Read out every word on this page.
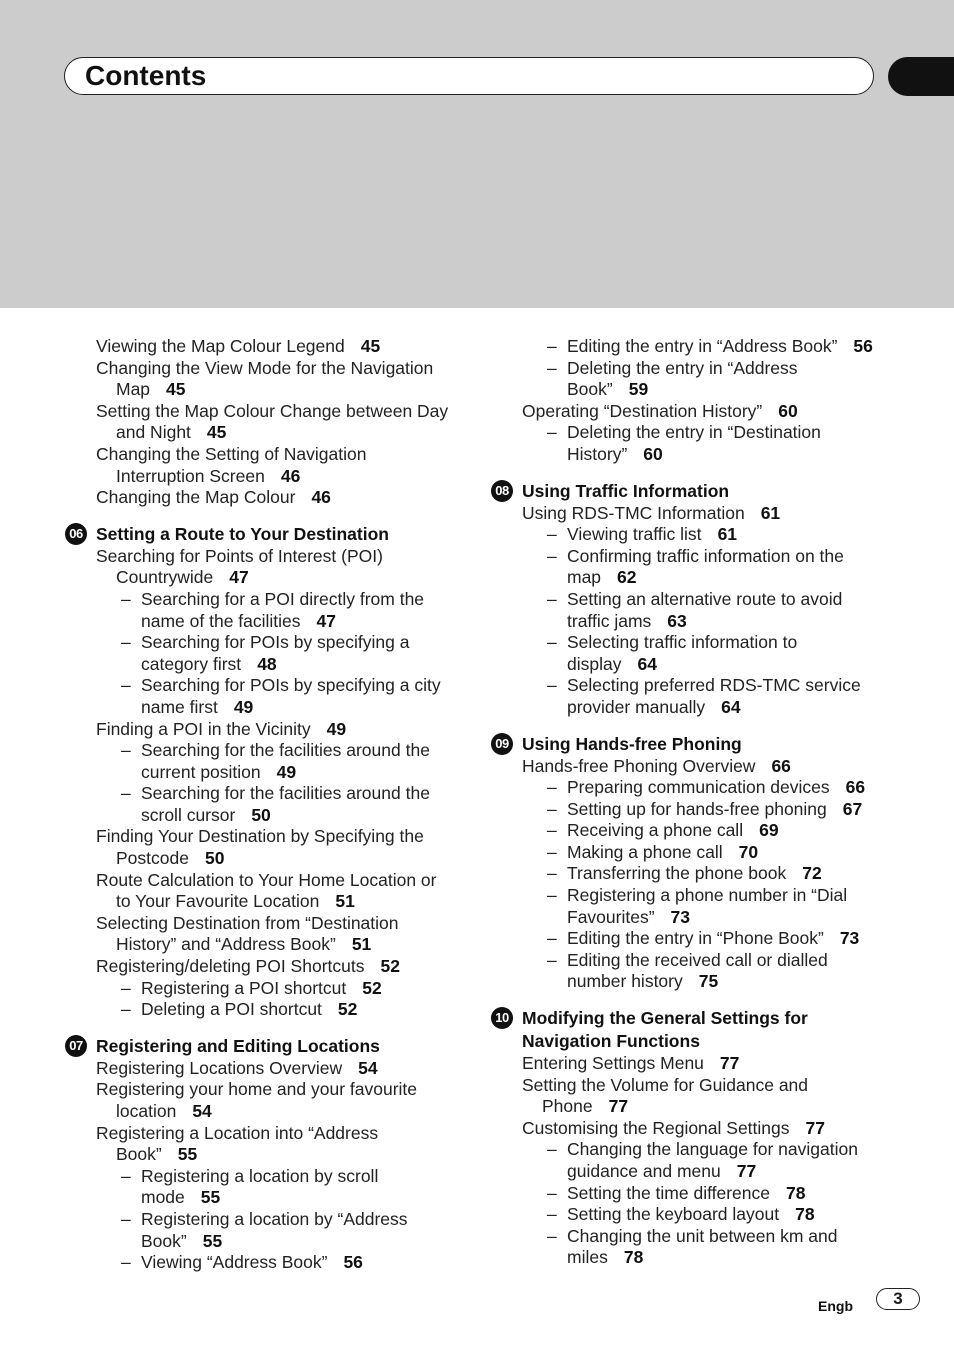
Contents
Viewing the Map Colour Legend 45
Changing the View Mode for the Navigation
Map 45
Setting the Map Colour Change between Day
and Night 45
Changing the Setting of Navigation
Interruption Screen 46
Changing the Map Colour 46
06 Setting a Route to Your Destination
Searching for Points of Interest (POI)
Countrywide 47
– Searching for a POI directly from the
name of the facilities 47
– Searching for POIs by specifying a
category first 48
– Searching for POIs by specifying a city
name first 49
Finding a POI in the Vicinity 49
– Searching for the facilities around the
current position 49
– Searching for the facilities around the
scroll cursor 50
Finding Your Destination by Specifying the
Postcode 50
Route Calculation to Your Home Location or
to Your Favourite Location 51
Selecting Destination from “Destination
History” and “Address Book” 51
Registering/deleting POI Shortcuts 52
– Registering a POI shortcut 52
– Deleting a POI shortcut 52
07 Registering and Editing Locations
Registering Locations Overview 54
Registering your home and your favourite
location 54
Registering a Location into “Address
Book” 55
– Registering a location by scroll
mode 55
– Registering a location by “Address
Book” 55
– Viewing “Address Book” 56
– Editing the entry in “Address Book” 56
– Deleting the entry in “Address
Book” 59
Operating “Destination History” 60
– Deleting the entry in “Destination
History” 60
08 Using Traffic Information
Using RDS-TMC Information 61
– Viewing traffic list 61
– Confirming traffic information on the
map 62
– Setting an alternative route to avoid
traffic jams 63
– Selecting traffic information to
display 64
– Selecting preferred RDS-TMC service
provider manually 64
09 Using Hands-free Phoning
Hands-free Phoning Overview 66
– Preparing communication devices 66
– Setting up for hands-free phoning 67
– Receiving a phone call 69
– Making a phone call 70
– Transferring the phone book 72
– Registering a phone number in “Dial
Favourites” 73
– Editing the entry in “Phone Book” 73
– Editing the received call or dialled
number history 75
10 Modifying the General Settings for
Navigation Functions
Entering Settings Menu 77
Setting the Volume for Guidance and
Phone 77
Customising the Regional Settings 77
– Changing the language for navigation
guidance and menu 77
– Setting the time difference 78
– Setting the keyboard layout 78
– Changing the unit between km and
miles 78
Engb	3
